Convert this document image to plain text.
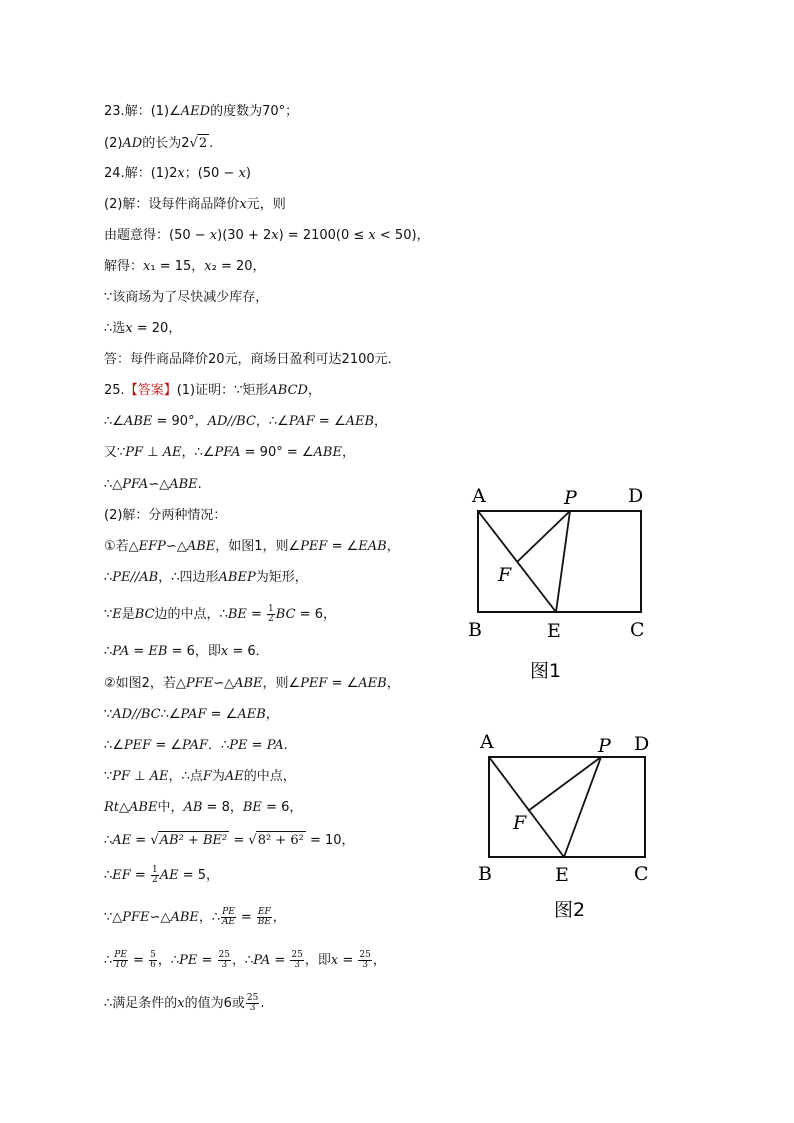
23.解：(1)∠AED的度数为70°；
(2)AD的长为2√2 .
24.解：(1)2x；(50 − x)
(2)解：设每件商品降价x元，则
由题意得：(50 − x)(30 + 2x) = 2100(0 ≤ x < 50)，
解得：x₁ = 15，x₂ = 20，
∵该商场为了尽快减少库存，
∴选x = 20，
答：每件商品降价20元，商场日盈利可达2100元．
25.【答案】(1)证明：∵矩形ABCD，
∴∠ABE = 90°，AD//BC，∴∠PAF = ∠AEB，
又∵PF ⊥ AE，∴∠PFA = 90° = ∠ABE，
∴△PFA∽△ABE.
(2)解：分两种情况：
①若△EFP∽△ABE，如图1，则∠PEF = ∠EAB，
∴PE//AB，∴四边形ABEP为矩形，
∵E是BC边的中点，∴BE = $\frac{1}{2}$ BC = 6，
∴PA = EB = 6，即x = 6．
②如图2，若△PFE∽△ABE，则∠PEF = ∠AEB，
∵AD//BC∴∠PAF = ∠AEB，
∴∠PEF = ∠PAF．∴PE = PA.
∵PF ⊥ AE，∴点F为AE的中点，
Rt△ABE中，AB = 8，BE = 6，
∴AE = √AB² + BE² = √8² + 6² = 10，
∴EF = $\frac{1}{2}$ AE = 5，
∵△PFE∽△ABE，∴ $\frac{PE}{AE} = \frac{EF}{BE}$ ，
∴ $\frac{PE}{10} = \frac{5}{6}$ ，∴PE = $\frac{25}{3}$ ，∴PA = $\frac{25}{3}$ ，即$x = \frac{25}{3}$ ，
∴满足条件的x的值为6或 $\frac{25}{3}$ .
A	P	D
F
B	E	C
图1
A	P D
F
B	E	C
图2
